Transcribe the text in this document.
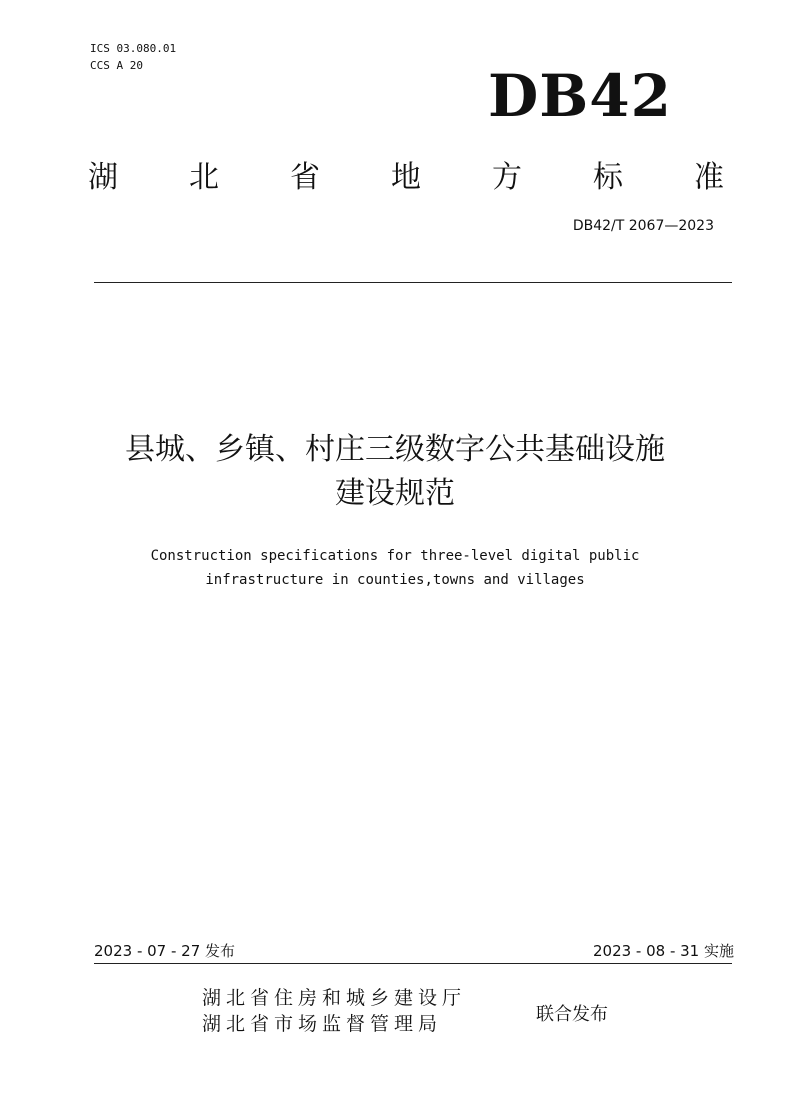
ICS 03.080.01
CCS A 20	DB42
湖 北 省 地 方 标 准
DB42/T 2067—2023
县城、乡镇、村庄三级数字公共基础设施
建设规范
Construction specifications for three-level digital public
infrastructure in counties,towns and villages
2023 - 07 - 27 发布	2023 - 08 - 31 实施
湖北省住房和城乡建设厅
湖北省市场监督管理局	联合发布
